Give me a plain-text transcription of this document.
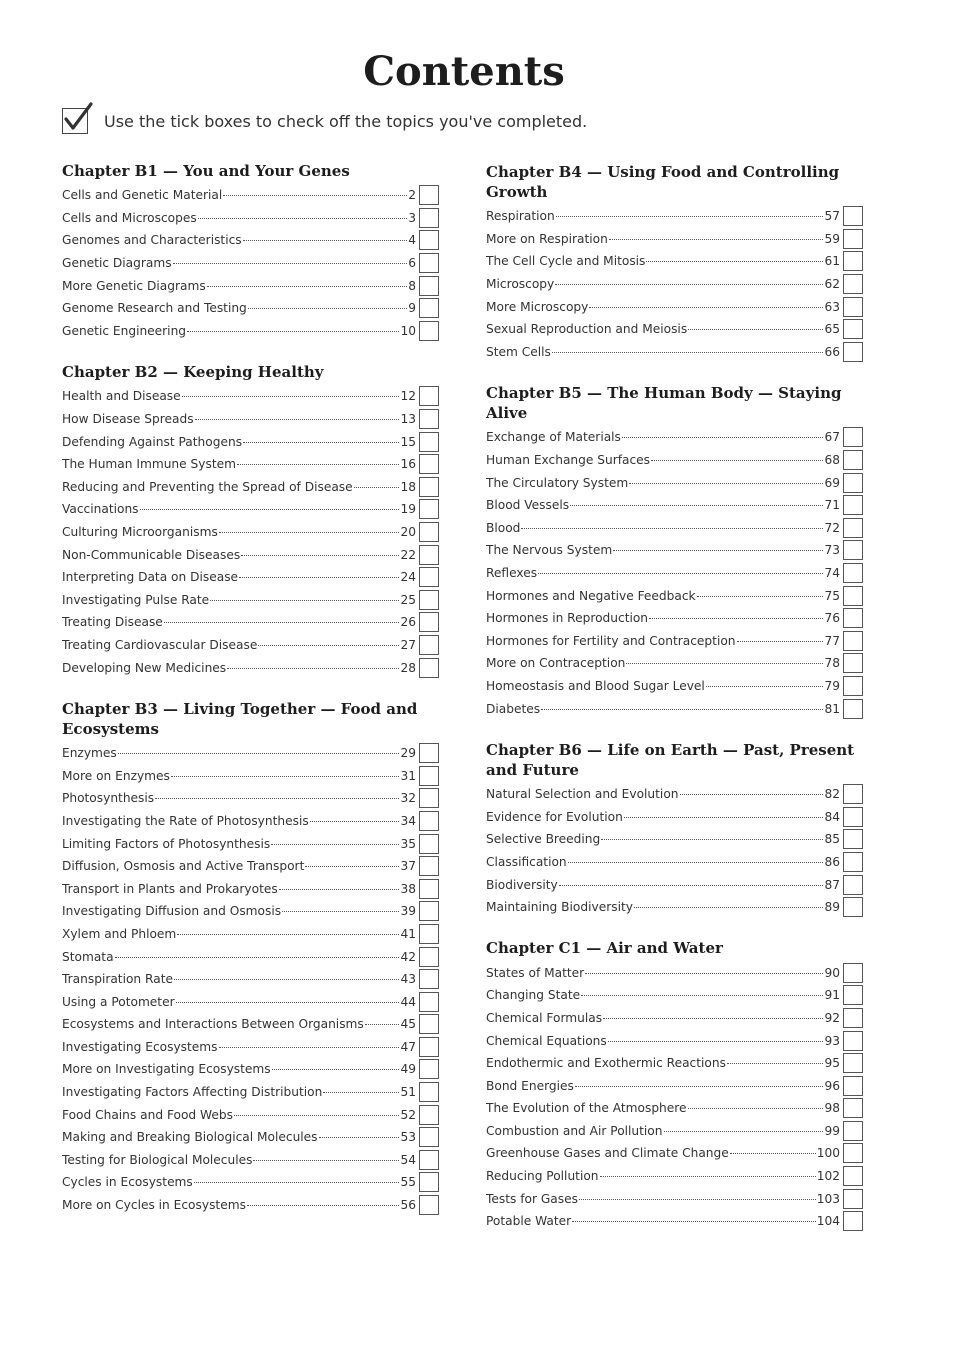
Contents
Use the tick boxes to check off the topics you've completed.
Chapter B1 — You and Your Genes
Cells and Genetic Material	2
Cells and Microscopes	3
Genomes and Characteristics	4
Genetic Diagrams	6
More Genetic Diagrams	8
Genome Research and Testing	9
Genetic Engineering	10
Chapter B2 — Keeping Healthy
Health and Disease	12
How Disease Spreads	13
Defending Against Pathogens	15
The Human Immune System	16
Reducing and Preventing the Spread of Disease	18
Vaccinations	19
Culturing Microorganisms	20
Non-Communicable Diseases	22
Interpreting Data on Disease	24
Investigating Pulse Rate	25
Treating Disease	26
Treating Cardiovascular Disease	27
Developing New Medicines	28
Chapter B3 — Living Together — Food and Ecosystems
Enzymes	29
More on Enzymes	31
Photosynthesis	32
Investigating the Rate of Photosynthesis	34
Limiting Factors of Photosynthesis	35
Diffusion, Osmosis and Active Transport	37
Transport in Plants and Prokaryotes	38
Investigating Diffusion and Osmosis	39
Xylem and Phloem	41
Stomata	42
Transpiration Rate	43
Using a Potometer	44
Ecosystems and Interactions Between Organisms	45
Investigating Ecosystems	47
More on Investigating Ecosystems	49
Investigating Factors Affecting Distribution	51
Food Chains and Food Webs	52
Making and Breaking Biological Molecules	53
Testing for Biological Molecules	54
Cycles in Ecosystems	55
More on Cycles in Ecosystems	56
Chapter B4 — Using Food and Controlling Growth
Respiration	57
More on Respiration	59
The Cell Cycle and Mitosis	61
Microscopy	62
More Microscopy	63
Sexual Reproduction and Meiosis	65
Stem Cells	66
Chapter B5 — The Human Body — Staying Alive
Exchange of Materials	67
Human Exchange Surfaces	68
The Circulatory System	69
Blood Vessels	71
Blood	72
The Nervous System	73
Reflexes	74
Hormones and Negative Feedback	75
Hormones in Reproduction	76
Hormones for Fertility and Contraception	77
More on Contraception	78
Homeostasis and Blood Sugar Level	79
Diabetes	81
Chapter B6 — Life on Earth — Past, Present and Future
Natural Selection and Evolution	82
Evidence for Evolution	84
Selective Breeding	85
Classification	86
Biodiversity	87
Maintaining Biodiversity	89
Chapter C1 — Air and Water
States of Matter	90
Changing State	91
Chemical Formulas	92
Chemical Equations	93
Endothermic and Exothermic Reactions	95
Bond Energies	96
The Evolution of the Atmosphere	98
Combustion and Air Pollution	99
Greenhouse Gases and Climate Change	100
Reducing Pollution	102
Tests for Gases	103
Potable Water	104
